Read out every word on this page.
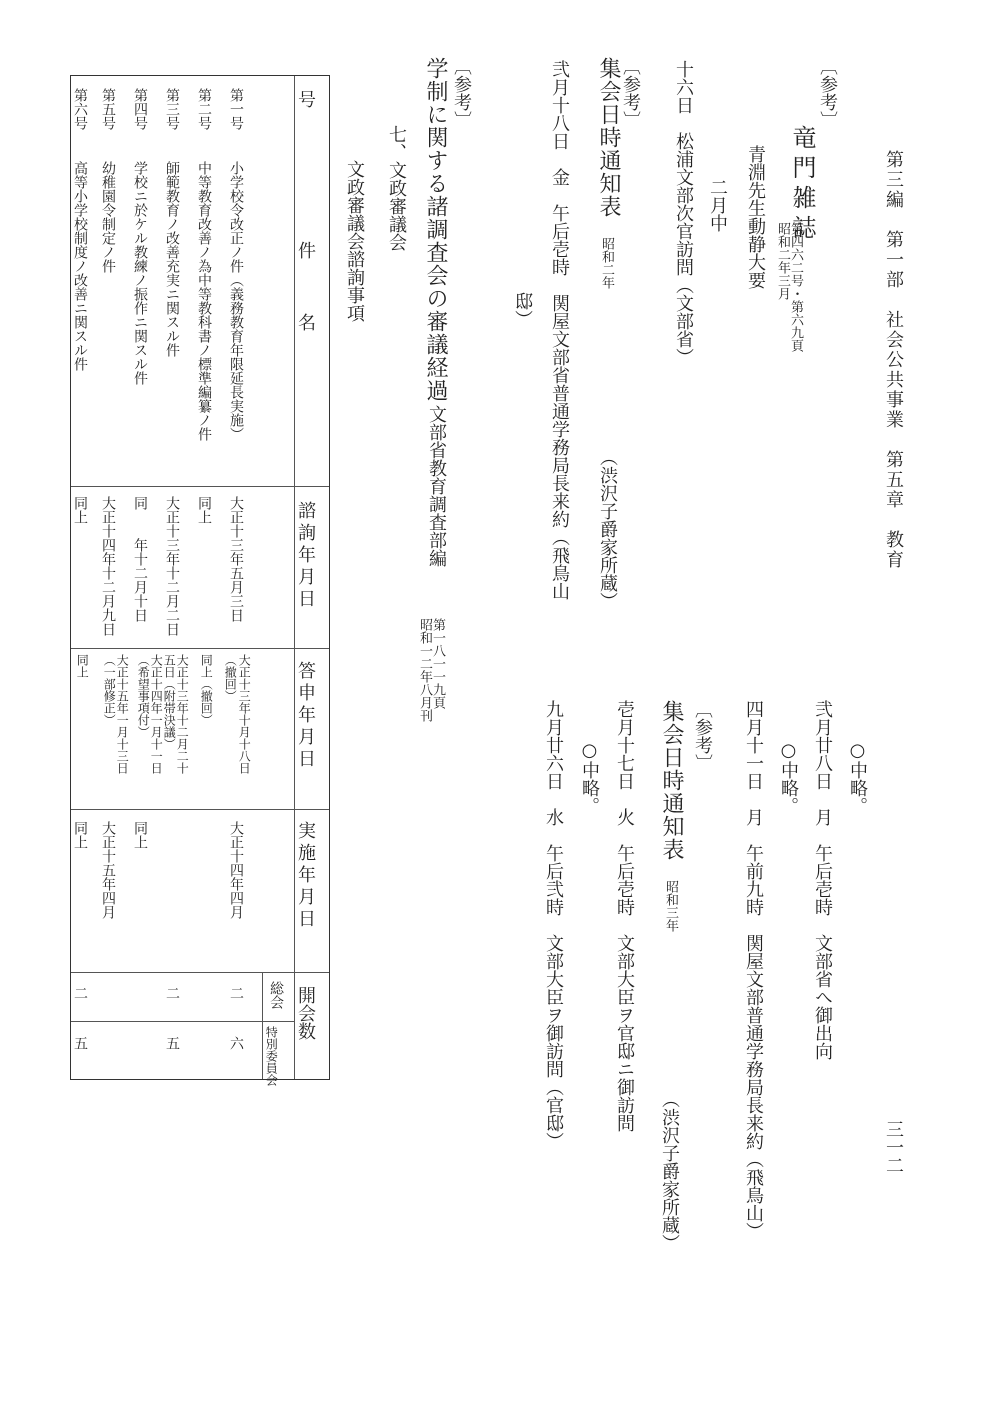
第三編　第一部　社会公共事業　第五章　教育
三一二
〔参考〕
竜門雑誌
昭和二年三月
第四六二号・第六九頁
青淵先生動静大要
二月中
十六日　松浦文部次官訪問（文部省）
○中略。
弐月廿八日　月　午后壱時　文部省へ御出向
○中略。
四月十一日　月　午前九時　関屋文部普通学務局長来約（飛鳥山）
〔参考〕
集会日時通知表
昭和二年
（渋沢子爵家所蔵）
弐月十八日　金　午后壱時　関屋文部省普通学務局長来約（飛鳥山
邸）
〔参考〕
集会日時通知表
昭和三年
（渋沢子爵家所蔵）
壱月十七日　火　午后壱時　文部大臣ヲ官邸ニ御訪問
○中略。
九月廿六日　水　午后弐時　文部大臣ヲ御訪問（官邸）
〔参考〕
学制に関する諸調査会の審議経過
文部省教育調査部編
昭和一二年八月刊
第一八一一九頁
七、文政審議会
文政審議会諮詢事項
号
件　　　名
諮詢年月日
答申年月日
実施年月日
開会数
総会
特別委員会
第一号
小学校令改正ノ件（義務教育年限延長実施）
大正十三年五月三日
大正十三年十月十八日
（撤回）
大正十四年四月
二
六
第二号
中等教育改善ノ為中等教科書ノ標準編纂ノ件
同上
同上（撤回）
第三号
師範教育ノ改善充実ニ関スル件
大正十三年十二月二日
大正十三年十二月二十
五日（附帯決議）
第四号
学校ニ於ケル教練ノ振作ニ関スル件
同　　年十二月十日
大正十四年一月十一日
（希望事項付）
同上
二
五
第五号
幼稚園令制定ノ件
大正十四年十二月九日
大正十五年一月十三日
（一部修正）
大正十五年四月
第六号
高等小学校制度ノ改善ニ関スル件
同上
同上
同上
二
五
